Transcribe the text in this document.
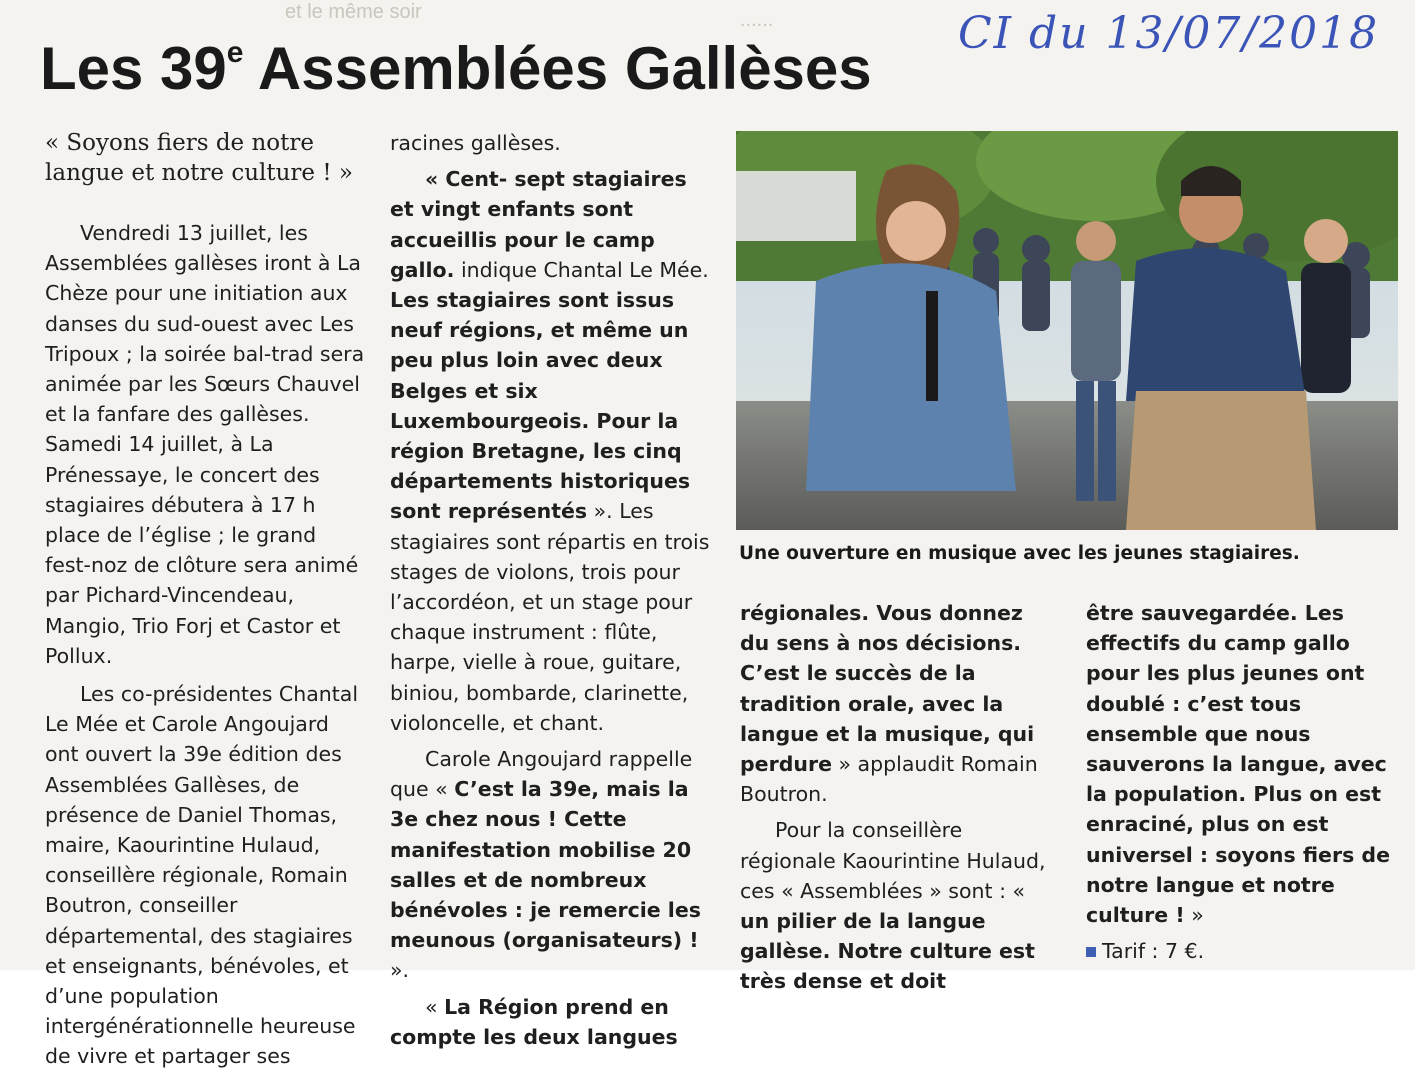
et le même soir	......	CI du 13/07/2018
Les 39e Assemblées Gallèses

« Soyons fiers de notre langue et notre culture ! »

Vendredi 13 juillet, les Assemblées gallèses iront à La Chèze pour une initiation aux danses du sud-ouest avec Les Tripoux ; la soirée bal-trad sera animée par les Sœurs Chauvel et la fanfare des gallèses. Samedi 14 juillet, à La Prénessaye, le concert des stagiaires débutera à 17 h place de l’église ; le grand fest-noz de clôture sera animé par Pichard-Vincendeau, Mangio, Trio Forj et Castor et Pollux.

Les co-présidentes Chantal Le Mée et Carole Angoujard ont ouvert la 39e édition des Assemblées Gallèses, de présence de Daniel Thomas, maire, Kaourintine Hulaud, conseillère régionale, Romain Boutron, conseiller départemental, des stagiaires et enseignants, bénévoles, et d’une population intergénérationnelle heureuse de vivre et partager ses

racines gallèses.

« Cent- sept stagiaires et vingt enfants sont accueillis pour le camp gallo. indique Chantal Le Mée. Les stagiaires sont issus neuf régions, et même un peu plus loin avec deux Belges et six Luxembourgeois. Pour la région Bretagne, les cinq départements historiques sont représentés ». Les stagiaires sont répartis en trois stages de violons, trois pour l’accordéon, et un stage pour chaque instrument : flûte, harpe, vielle à roue, guitare, biniou, bombarde, clarinette, violoncelle, et chant.

Carole Angoujard rappelle que « C’est la 39e, mais la 3e chez nous ! Cette manifestation mobilise 20 salles et de nombreux bénévoles : je remercie les meunous (organisateurs) ! ».

« La Région prend en compte les deux langues

Une ouverture en musique avec les jeunes stagiaires.

régionales. Vous donnez du sens à nos décisions. C’est le succès de la tradition orale, avec la langue et la musique, qui perdure » applaudit Romain Boutron.

Pour la conseillère régionale Kaourintine Hulaud, ces « Assemblées » sont : « un pilier de la langue gallèse. Notre culture est très dense et doit

être sauvegardée. Les effectifs du camp gallo pour les plus jeunes ont doublé : c’est tous ensemble que nous sauverons la langue, avec la population. Plus on est enraciné, plus on est universel : soyons fiers de notre langue et notre culture ! »

Tarif : 7 €.
